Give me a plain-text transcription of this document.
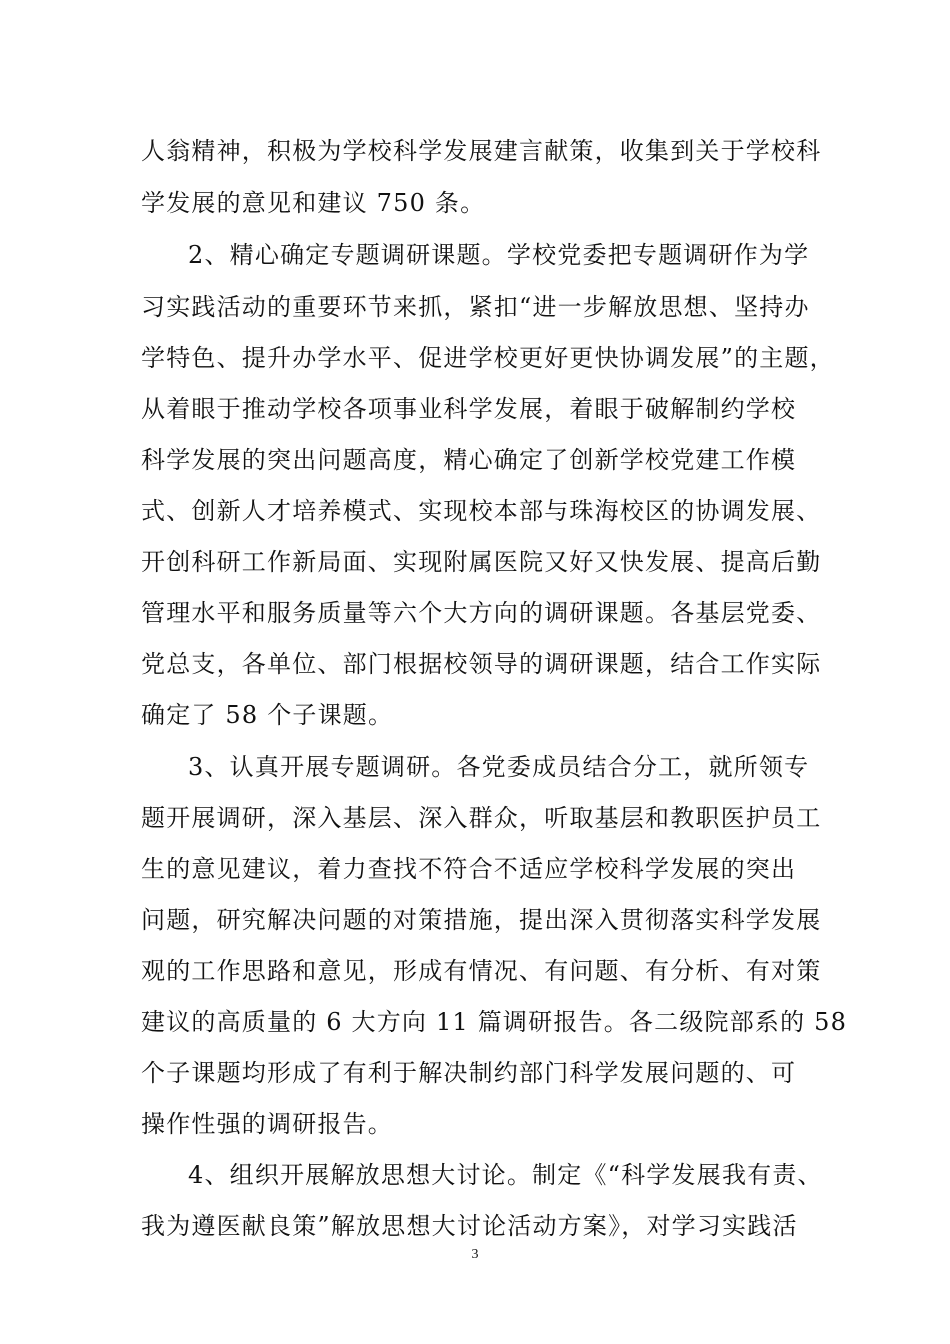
人翁精神，积极为学校科学发展建言献策，收集到关于学校科
学发展的意见和建议 750 条。
2、精心确定专题调研课题。学校党委把专题调研作为学
习实践活动的重要环节来抓，紧扣“进一步解放思想、坚持办
学特色、提升办学水平、促进学校更好更快协调发展”的主题，
从着眼于推动学校各项事业科学发展，着眼于破解制约学校
科学发展的突出问题高度，精心确定了创新学校党建工作模
式、创新人才培养模式、实现校本部与珠海校区的协调发展、
开创科研工作新局面、实现附属医院又好又快发展、提高后勤
管理水平和服务质量等六个大方向的调研课题。各基层党委、
党总支，各单位、部门根据校领导的调研课题，结合工作实际
确定了 58 个子课题。
3、认真开展专题调研。各党委成员结合分工，就所领专
题开展调研，深入基层、深入群众，听取基层和教职医护员工
生的意见建议，着力查找不符合不适应学校科学发展的突出
问题，研究解决问题的对策措施，提出深入贯彻落实科学发展
观的工作思路和意见，形成有情况、有问题、有分析、有对策
建议的高质量的 6 大方向 11 篇调研报告。各二级院部系的 58
个子课题均形成了有利于解决制约部门科学发展问题的、可
操作性强的调研报告。
4、组织开展解放思想大讨论。制定《“科学发展我有责、
我为遵医献良策”解放思想大讨论活动方案》，对学习实践活
3
